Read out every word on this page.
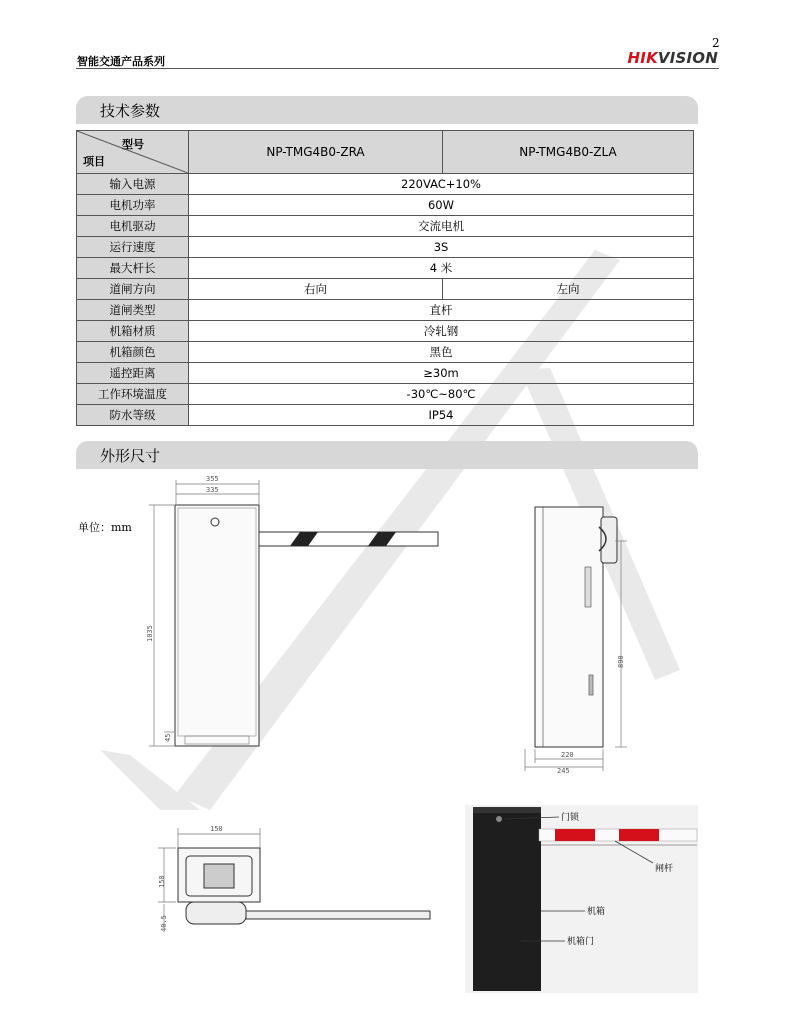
2
智能交通产品系列	HIKVISION
技术参数
型号
项目	NP-TMG4B0-ZRA	NP-TMG4B0-ZLA
输入电源	220VAC+10%	
电机功率	60W	
电机驱动	交流电机	
运行速度	3S	
最大杆长	4 米	
道闸方向	右向	左向
道闸类型	直杆	
机箱材质	冷轧钢	
机箱颜色	黑色	
遥控距离	≥30m	
工作环境温度	-30℃~80℃	
防水等级	IP54	
外形尺寸
单位：mm
355
335
1035
45
890
220
245
150
150
40.5
门锁
闸杆
机箱
机箱门
